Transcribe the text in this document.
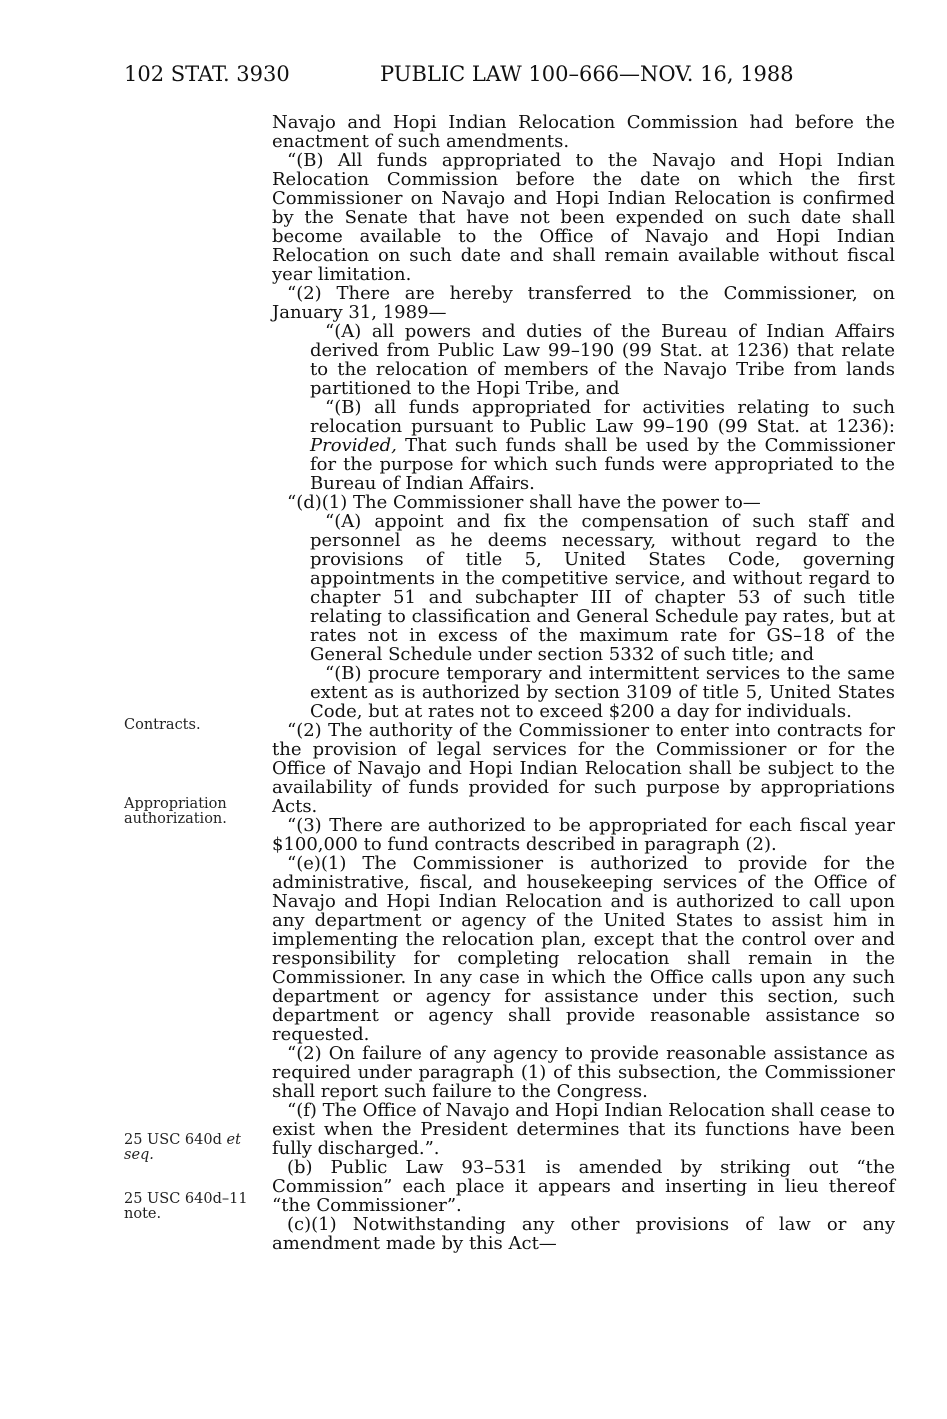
102 STAT. 3930	PUBLIC LAW 100–666—NOV. 16, 1988
Contracts.
Appropriation
authorization.
25 USC 640d et
seq.
25 USC 640d–11
note.

Navajo and Hopi Indian Relocation Commission had before the enactment of such amendments.

“(B) All funds appropriated to the Navajo and Hopi Indian Relocation Commission before the date on which the first Commissioner on Navajo and Hopi Indian Relocation is confirmed by the Senate that have not been expended on such date shall become available to the Office of Navajo and Hopi Indian Relocation on such date and shall remain available without fiscal year limitation.

“(2) There are hereby transferred to the Commissioner, on January 31, 1989—

“(A) all powers and duties of the Bureau of Indian Affairs derived from Public Law 99–190 (99 Stat. at 1236) that relate to the relocation of members of the Navajo Tribe from lands partitioned to the Hopi Tribe, and

“(B) all funds appropriated for activities relating to such relocation pursuant to Public Law 99–190 (99 Stat. at 1236): Provided, That such funds shall be used by the Commissioner for the purpose for which such funds were appropriated to the Bureau of Indian Affairs.

“(d)(1) The Commissioner shall have the power to—

“(A) appoint and fix the compensation of such staff and personnel as he deems necessary, without regard to the provisions of title 5, United States Code, governing appointments in the competitive service, and without regard to chapter 51 and subchapter III of chapter 53 of such title relating to classification and General Schedule pay rates, but at rates not in excess of the maximum rate for GS–18 of the General Schedule under section 5332 of such title; and

“(B) procure temporary and intermittent services to the same extent as is authorized by section 3109 of title 5, United States Code, but at rates not to exceed $200 a day for individuals.

“(2) The authority of the Commissioner to enter into contracts for the provision of legal services for the Commissioner or for the Office of Navajo and Hopi Indian Relocation shall be subject to the availability of funds provided for such purpose by appropriations Acts.

“(3) There are authorized to be appropriated for each fiscal year $100,000 to fund contracts described in paragraph (2).

“(e)(1) The Commissioner is authorized to provide for the administrative, fiscal, and housekeeping services of the Office of Navajo and Hopi Indian Relocation and is authorized to call upon any department or agency of the United States to assist him in implementing the relocation plan, except that the control over and responsibility for completing relocation shall remain in the Commissioner. In any case in which the Office calls upon any such department or agency for assistance under this section, such department or agency shall provide reasonable assistance so requested.

“(2) On failure of any agency to provide reasonable assistance as required under paragraph (1) of this subsection, the Commissioner shall report such failure to the Congress.

“(f) The Office of Navajo and Hopi Indian Relocation shall cease to exist when the President determines that its functions have been fully discharged.”.

(b) Public Law 93–531 is amended by striking out “the Commission” each place it appears and inserting in lieu thereof “the Commissioner”.

(c)(1) Notwithstanding any other provisions of law or any amendment made by this Act—
